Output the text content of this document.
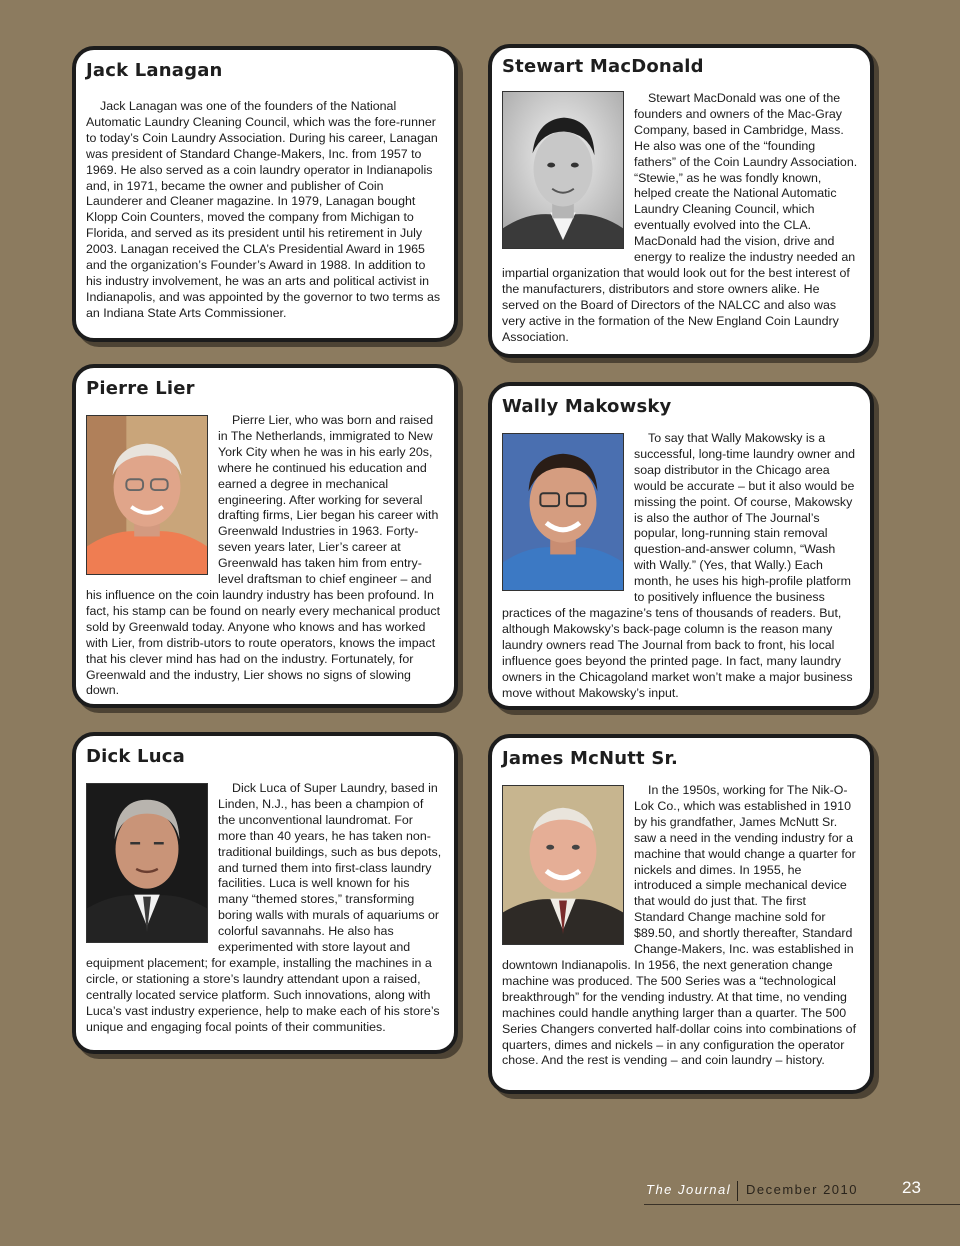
Jack Lanagan

Jack Lanagan was one of the founders of the National Automatic Laundry Cleaning Council, which was the fore-runner to today’s Coin Laundry Association. During his career, Lanagan was president of Standard Change-Makers, Inc. from 1957 to 1969. He also served as a coin laundry operator in Indianapolis and, in 1971, became the owner and publisher of Coin Launderer and Cleaner magazine. In 1979, Lanagan bought Klopp Coin Counters, moved the company from Michigan to Florida, and served as its president until his retirement in July 2003. Lanagan received the CLA’s Presidential Award in 1965 and the organization’s Founder’s Award in 1988. In addition to his industry involvement, he was an arts and political activist in Indianapolis, and was appointed by the governor to two terms as an Indiana State Arts Commissioner.

Stewart MacDonald

Stewart MacDonald was one of the founders and owners of the Mac-Gray Company, based in Cambridge, Mass. He also was one of the “founding fathers” of the Coin Laundry Association. “Stewie,” as he was fondly known, helped create the National Automatic Laundry Cleaning Council, which eventually evolved into the CLA. MacDonald had the vision, drive and energy to realize the industry needed an impartial organization that would look out for the best interest of the manufacturers, distributors and store owners alike. He served on the Board of Directors of the NALCC and also was very active in the formation of the New England Coin Laundry Association.

Pierre Lier

Pierre Lier, who was born and raised in The Netherlands, immigrated to New York City when he was in his early 20s, where he continued his education and earned a degree in mechanical engineering. After working for several drafting firms, Lier began his career with Greenwald Industries in 1963. Forty-seven years later, Lier’s career at Greenwald has taken him from entry-level draftsman to chief engineer – and his influence on the coin laundry industry has been profound. In fact, his stamp can be found on nearly every mechanical product sold by Greenwald today. Anyone who knows and has worked with Lier, from distrib-utors to route operators, knows the impact that his clever mind has had on the industry. Fortunately, for Greenwald and the industry, Lier shows no signs of slowing down.

Wally Makowsky

To say that Wally Makowsky is a successful, long-time laundry owner and soap distributor in the Chicago area would be accurate – but it also would be missing the point. Of course, Makowsky is also the author of The Journal’s popular, long-running stain removal question-and-answer column, “Wash with Wally.” (Yes, that Wally.) Each month, he uses his high-profile platform to positively influence the business practices of the magazine’s tens of thousands of readers. But, although Makowsky’s back-page column is the reason many laundry owners read The Journal from back to front, his local influence goes beyond the printed page. In fact, many laundry owners in the Chicagoland market won’t make a major business move without Makowsky’s input.

Dick Luca

Dick Luca of Super Laundry, based in Linden, N.J., has been a champion of the unconventional laundromat. For more than 40 years, he has taken non-traditional buildings, such as bus depots, and turned them into first-class laundry facilities. Luca is well known for his many “themed stores,” transforming boring walls with murals of aquariums or colorful savannahs. He also has experimented with store layout and equipment placement; for example, installing the machines in a circle, or stationing a store’s laundry attendant upon a raised, centrally located service platform. Such innovations, along with Luca’s vast industry experience, help to make each of his store’s unique and engaging focal points of their communities.

James McNutt Sr.

In the 1950s, working for The Nik-O-Lok Co., which was established in 1910 by his grandfather, James McNutt Sr. saw a need in the vending industry for a machine that would change a quarter for nickels and dimes. In 1955, he introduced a simple mechanical device that would do just that. The first Standard Change machine sold for $89.50, and shortly thereafter, Standard Change-Makers, Inc. was established in downtown Indianapolis. In 1956, the next generation change machine was produced. The 500 Series was a “technological breakthrough” for the vending industry. At that time, no vending machines could handle anything larger than a quarter. The 500 Series Changers converted half-dollar coins into combinations of quarters, dimes and nickels – in any configuration the operator chose. And the rest is vending – and coin laundry – history.

The Journal December 2010	23
